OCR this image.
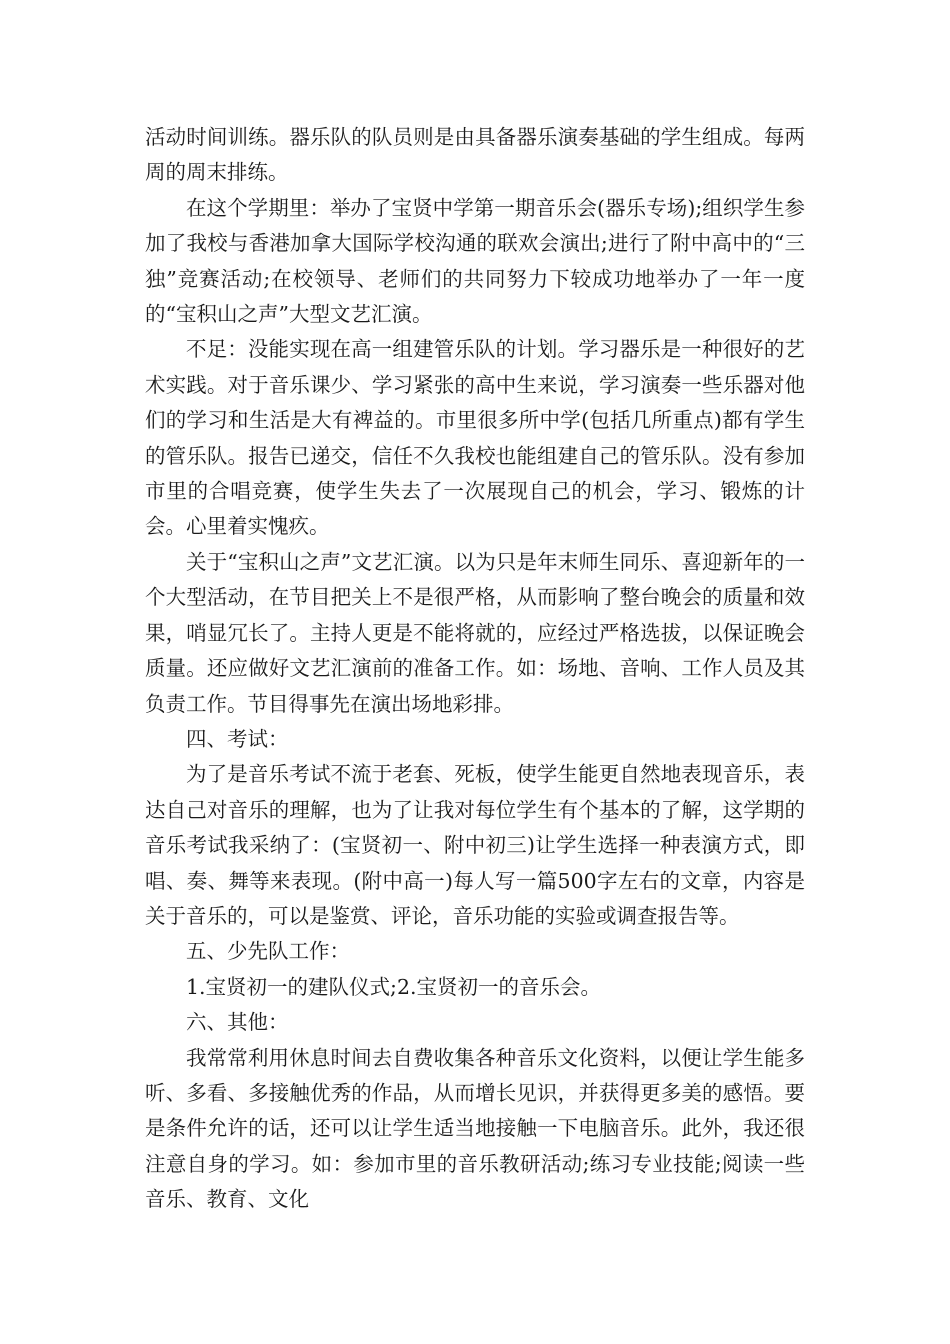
活动时间训练。器乐队的队员则是由具备器乐演奏基础的学生组成。每两周的周末排练。

在这个学期里：举办了宝贤中学第一期音乐会(器乐专场);组织学生参加了我校与香港加拿大国际学校沟通的联欢会演出;进行了附中高中的“三独”竞赛活动;在校领导、老师们的共同努力下较成功地举办了一年一度的“宝积山之声”大型文艺汇演。

不足：没能实现在高一组建管乐队的计划。学习器乐是一种很好的艺术实践。对于音乐课少、学习紧张的高中生来说，学习演奏一些乐器对他们的学习和生活是大有裨益的。市里很多所中学(包括几所重点)都有学生的管乐队。报告已递交，信任不久我校也能组建自己的管乐队。没有参加市里的合唱竞赛，使学生失去了一次展现自己的机会，学习、锻炼的计会。心里着实愧疚。

关于“宝积山之声”文艺汇演。以为只是年末师生同乐、喜迎新年的一个大型活动，在节目把关上不是很严格，从而影响了整台晚会的质量和效果，哨显冗长了。主持人更是不能将就的，应经过严格选拔，以保证晚会质量。还应做好文艺汇演前的准备工作。如：场地、音响、工作人员及其负责工作。节目得事先在演出场地彩排。

四、考试：

为了是音乐考试不流于老套、死板，使学生能更自然地表现音乐，表达自己对音乐的理解，也为了让我对每位学生有个基本的了解，这学期的音乐考试我采纳了：(宝贤初一、附中初三)让学生选择一种表演方式，即唱、奏、舞等来表现。(附中高一)每人写一篇500字左右的文章，内容是关于音乐的，可以是鉴赏、评论，音乐功能的实验或调查报告等。

五、少先队工作：

1.宝贤初一的建队仪式;2.宝贤初一的音乐会。

六、其他：

我常常利用休息时间去自费收集各种音乐文化资料，以便让学生能多听、多看、多接触优秀的作品，从而增长见识，并获得更多美的感悟。要是条件允许的话，还可以让学生适当地接触一下电脑音乐。此外，我还很注意自身的学习。如：参加市里的音乐教研活动;练习专业技能;阅读一些音乐、教育、文化
